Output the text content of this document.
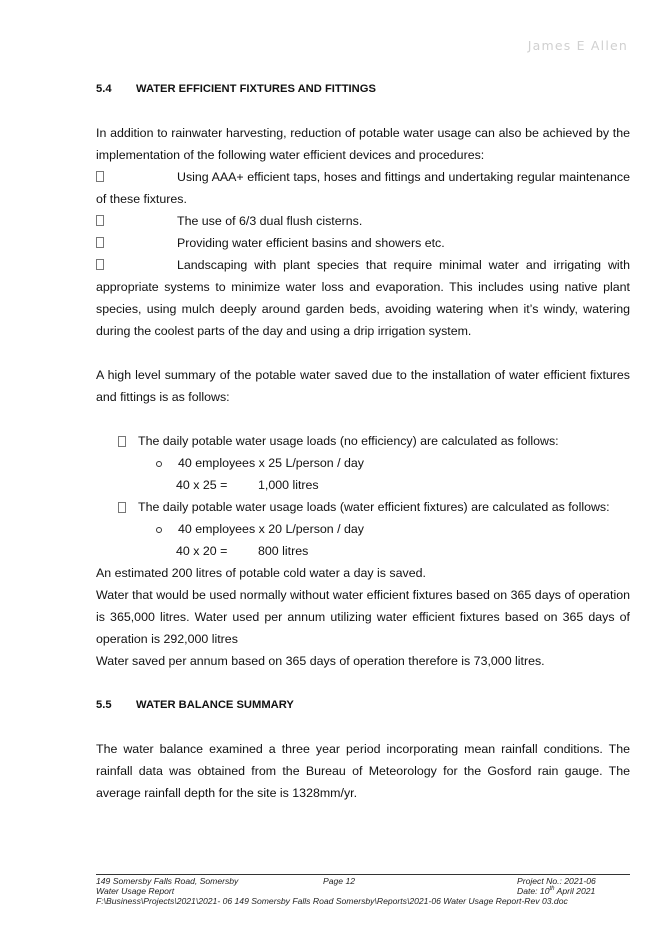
James E Allen
5.4	WATER EFFICIENT FIXTURES AND FITTINGS

In addition to rainwater harvesting, reduction of potable water usage can also be achieved by the implementation of the following water efficient devices and procedures:

Using AAA+ efficient taps, hoses and fittings and undertaking regular maintenance of these fixtures.

The use of 6/3 dual flush cisterns.

Providing water efficient basins and showers etc.

Landscaping with plant species that require minimal water and irrigating with appropriate systems to minimize water loss and evaporation. This includes using native plant species, using mulch deeply around garden beds, avoiding watering when it’s windy, watering during the coolest parts of the day and using a drip irrigation system.

A high level summary of the potable water saved due to the installation of water efficient fixtures and fittings is as follows:

The daily potable water usage loads (no efficiency) are calculated as follows:
40 employees x 25 L/person / day
40 x 25 =	1,000 litres
The daily potable water usage loads (water efficient fixtures) are calculated as follows:
40 employees x 20 L/person / day
40 x 20 =	800 litres

An estimated 200 litres of potable cold water a day is saved.

Water that would be used normally without water efficient fixtures based on 365 days of operation is 365,000 litres. Water used per annum utilizing water efficient fixtures based on 365 days of operation is 292,000 litres

Water saved per annum based on 365 days of operation therefore is 73,000 litres.

5.5	WATER BALANCE SUMMARY

The water balance examined a three year period incorporating mean rainfall conditions. The rainfall data was obtained from the Bureau of Meteorology for the Gosford rain gauge. The average rainfall depth for the site is 1328mm/yr.

149 Somersby Falls Road, Somersby	Page 12	Project No.: 2021-06
Water Usage Report	Date: 10th April 2021
F:\Business\Projects\2021\2021- 06 149 Somersby Falls Road Somersby\Reports\2021-06 Water Usage Report-Rev 03.doc
